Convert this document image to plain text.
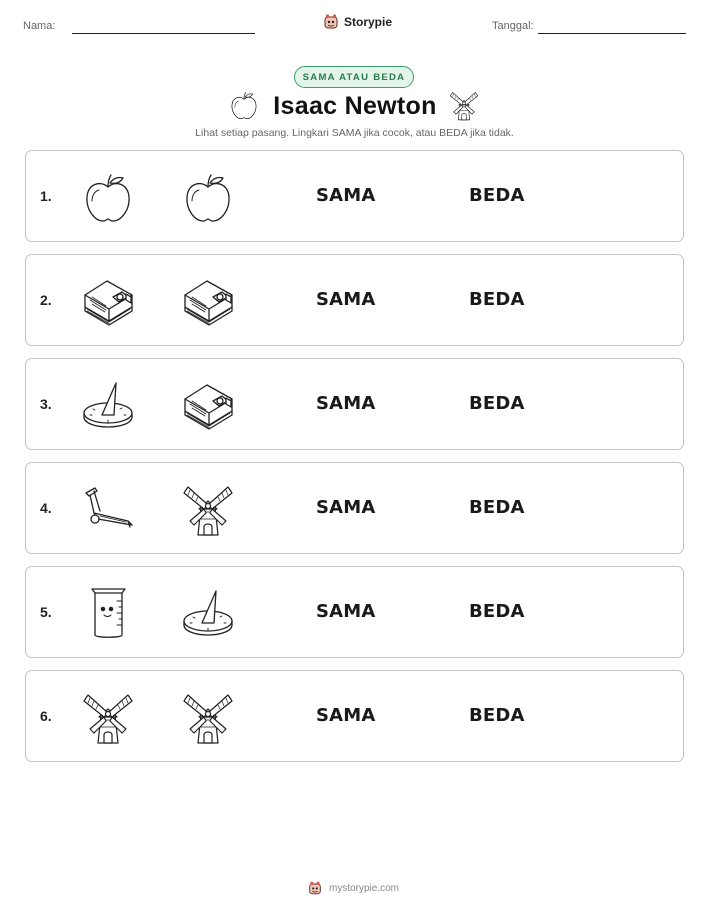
Nama:	Storypie	Tanggal:
SAMA ATAU BEDA
Isaac Newton
Lihat setiap pasang. Lingkari SAMA jika cocok, atau BEDA jika tidak.
1.	SAMA	BEDA
2.	SAMA	BEDA
3.	SAMA	BEDA
4.	SAMA	BEDA
5.	SAMA	BEDA
6.	SAMA	BEDA
mystorypie.com
